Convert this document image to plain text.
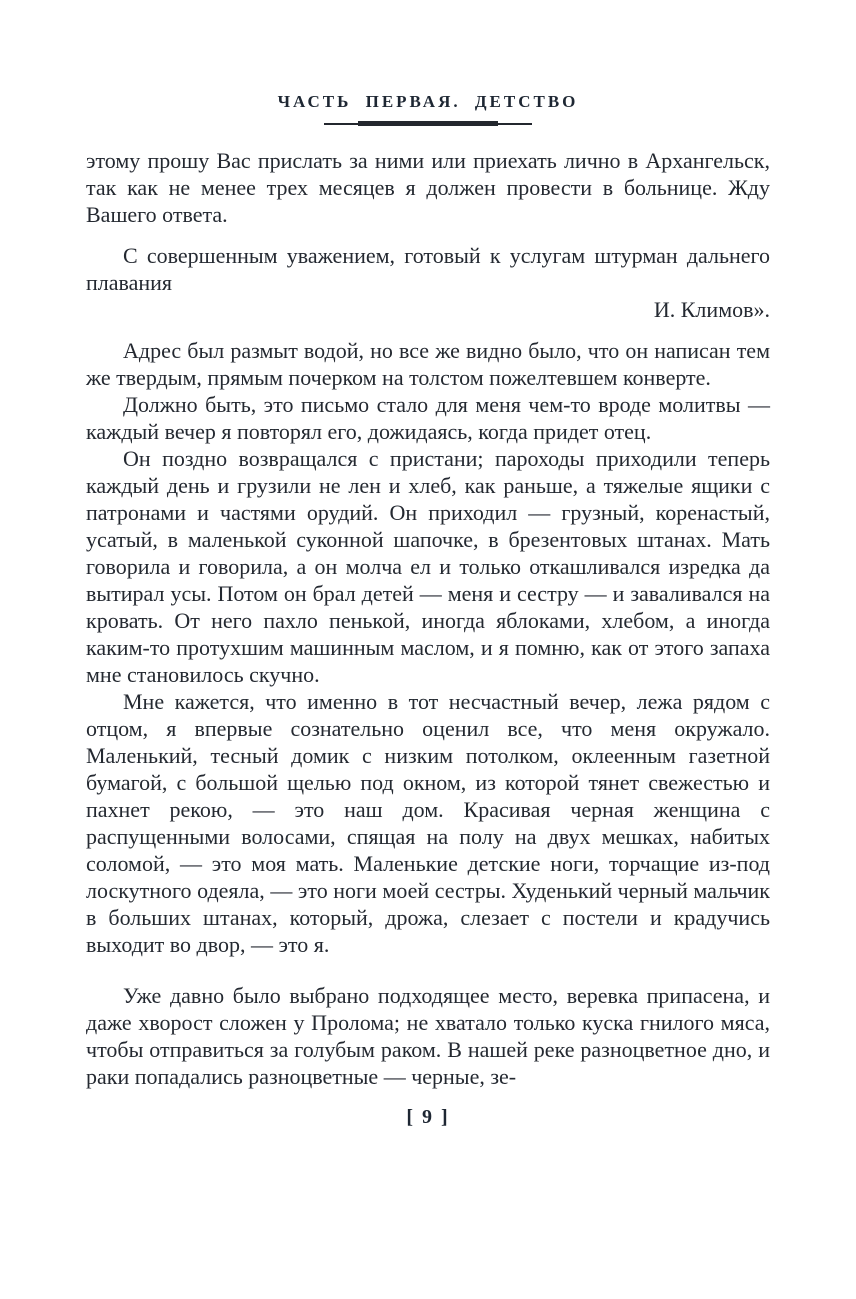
ЧАСТЬ ПЕРВАЯ. ДЕТСТВО

этому прошу Вас прислать за ними или приехать лично в Архангельск, так как не менее трех месяцев я должен провести в больнице. Жду Вашего ответа.

С совершенным уважением, готовый к услугам штурман дальнего плавания

И. Климов».

Адрес был размыт водой, но все же видно было, что он написан тем же твердым, прямым почерком на толстом пожелтевшем конверте.

Должно быть, это письмо стало для меня чем-то вроде молитвы — каждый вечер я повторял его, дожидаясь, когда придет отец.

Он поздно возвращался с пристани; пароходы приходили теперь каждый день и грузили не лен и хлеб, как раньше, а тяжелые ящики с патронами и частями орудий. Он приходил — грузный, коренастый, усатый, в маленькой суконной шапочке, в брезентовых штанах. Мать говорила и говорила, а он молча ел и только откашливался изредка да вытирал усы. Потом он брал детей — меня и сестру — и заваливался на кровать. От него пахло пенькой, иногда яблоками, хлебом, а иногда каким-то протухшим машинным маслом, и я помню, как от этого запаха мне становилось скучно.

Мне кажется, что именно в тот несчастный вечер, лежа рядом с отцом, я впервые сознательно оценил все, что меня окружало. Маленький, тесный домик с низким потолком, оклеенным газетной бумагой, с большой щелью под окном, из которой тянет свежестью и пахнет рекою, — это наш дом. Красивая черная женщина с распущенными волосами, спящая на полу на двух мешках, набитых соломой, — это моя мать. Маленькие детские ноги, торчащие из-под лоскутного одеяла, — это ноги моей сестры. Худенький черный мальчик в больших штанах, который, дрожа, слезает с постели и крадучись выходит во двор, — это я.

Уже давно было выбрано подходящее место, веревка припасена, и даже хворост сложен у Пролома; не хватало только куска гнилого мяса, чтобы отправиться за голубым раком. В нашей реке разноцветное дно, и раки попадались разноцветные — черные, зе-

[ 9 ]
